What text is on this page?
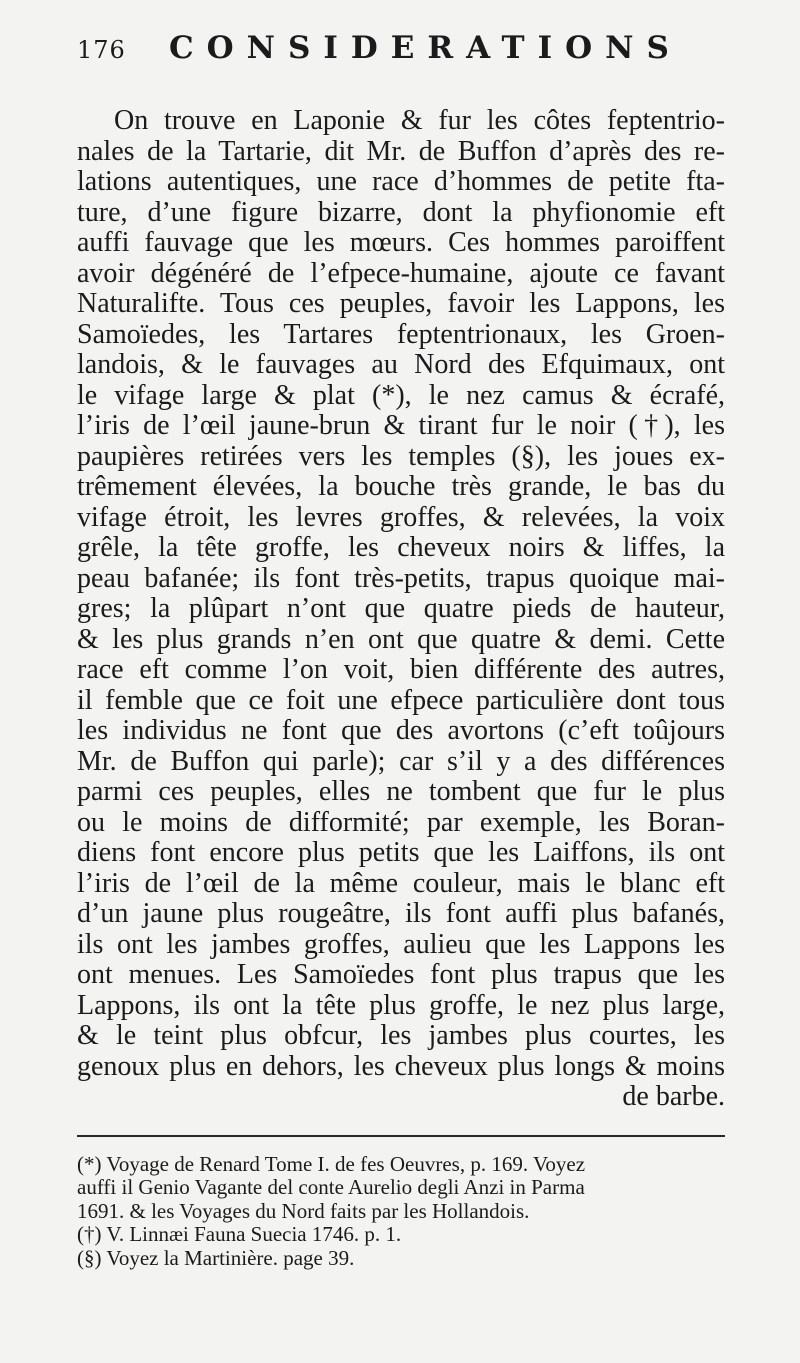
176	CONSIDERATIONS
On trouve en Laponie & fur les côtes feptentrio-
nales de la Tartarie, dit Mr. de Buffon d’après des re-
lations autentiques, une race d’hommes de petite fta-
ture, d’une figure bizarre, dont la phyfionomie eft
auffi fauvage que les mœurs. Ces hommes paroiffent
avoir dégénéré de l’efpece-humaine, ajoute ce favant
Naturalifte. Tous ces peuples, favoir les Lappons, les
Samoïedes, les Tartares feptentrionaux, les Groen-
landois, & le fauvages au Nord des Efquimaux, ont
le vifage large & plat (*), le nez camus & écrafé,
l’iris de l’œil jaune-brun & tirant fur le noir (†), les
paupières retirées vers les temples (§), les joues ex-
trêmement élevées, la bouche très grande, le bas du
vifage étroit, les levres groffes, & relevées, la voix
grêle, la tête groffe, les cheveux noirs & liffes, la
peau bafanée; ils font très-petits, trapus quoique mai-
gres; la plûpart n’ont que quatre pieds de hauteur,
& les plus grands n’en ont que quatre & demi. Cette
race eft comme l’on voit, bien différente des autres,
il femble que ce foit une efpece particulière dont tous
les individus ne font que des avortons (c’eft toûjours
Mr. de Buffon qui parle); car s’il y a des différences
parmi ces peuples, elles ne tombent que fur le plus
ou le moins de difformité; par exemple, les Boran-
diens font encore plus petits que les Laiffons, ils ont
l’iris de l’œil de la même couleur, mais le blanc eft
d’un jaune plus rougeâtre, ils font auffi plus bafanés,
ils ont les jambes groffes, aulieu que les Lappons les
ont menues. Les Samoïedes font plus trapus que les
Lappons, ils ont la tête plus groffe, le nez plus large,
& le teint plus obfcur, les jambes plus courtes, les
genoux plus en dehors, les cheveux plus longs & moins
de barbe.
(*) Voyage de Renard Tome I. de fes Oeuvres, p. 169. Voyez
auffi il Genio Vagante del conte Aurelio degli Anzi in Parma
1691. & les Voyages du Nord faits par les Hollandois.
(†) V. Linnæi Fauna Suecia 1746. p. 1.
(§) Voyez la Martinière. page 39.
